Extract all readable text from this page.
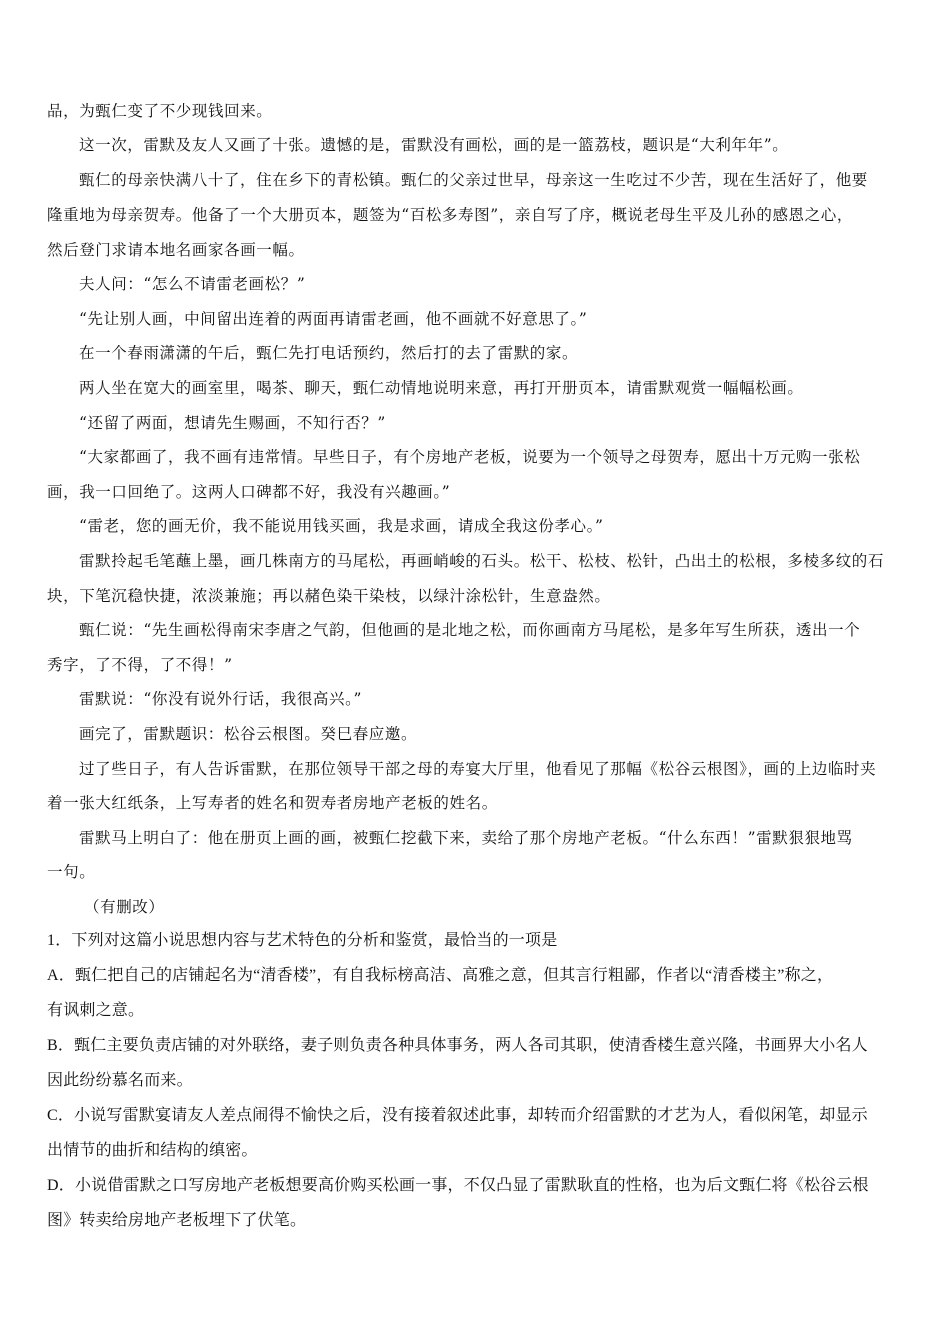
品，为甄仁变了不少现钱回来。
这一次，雷默及友人又画了十张。遗憾的是，雷默没有画松，画的是一篮荔枝，题识是“大利年年”。
甄仁的母亲快满八十了，住在乡下的青松镇。甄仁的父亲过世早，母亲这一生吃过不少苦，现在生活好了，他要
隆重地为母亲贺寿。他备了一个大册页本，题签为“百松多寿图”，亲自写了序，概说老母生平及儿孙的感恩之心，
然后登门求请本地名画家各画一幅。
夫人问：“怎么不请雷老画松？”
“先让别人画，中间留出连着的两面再请雷老画，他不画就不好意思了。”
在一个春雨潇潇的午后，甄仁先打电话预约，然后打的去了雷默的家。
两人坐在宽大的画室里，喝茶、聊天，甄仁动情地说明来意，再打开册页本，请雷默观赏一幅幅松画。
“还留了两面，想请先生赐画，不知行否？”
“大家都画了，我不画有违常情。早些日子，有个房地产老板，说要为一个领导之母贺寿，愿出十万元购一张松
画，我一口回绝了。这两人口碑都不好，我没有兴趣画。”
“雷老，您的画无价，我不能说用钱买画，我是求画，请成全我这份孝心。”
雷默拎起毛笔蘸上墨，画几株南方的马尾松，再画峭峻的石头。松干、松枝、松针，凸出土的松根，多棱多纹的石
块，下笔沉稳快捷，浓淡兼施；再以赭色染干染枝，以绿汁涂松针，生意盎然。
甄仁说：“先生画松得南宋李唐之气韵，但他画的是北地之松，而你画南方马尾松，是多年写生所获，透出一个
秀字，了不得，了不得！”
雷默说：“你没有说外行话，我很高兴。”
画完了，雷默题识：松谷云根图。癸巳春应邀。
过了些日子，有人告诉雷默，在那位领导干部之母的寿宴大厅里，他看见了那幅《松谷云根图》，画的上边临时夹
着一张大红纸条，上写寿者的姓名和贺寿者房地产老板的姓名。
雷默马上明白了：他在册页上画的画，被甄仁挖截下来，卖给了那个房地产老板。“什么东西！”雷默狠狠地骂
一句。
（有删改）
1．下列对这篇小说思想内容与艺术特色的分析和鉴赏，最恰当的一项是
A．甄仁把自己的店铺起名为“清香楼”，有自我标榜高洁、高雅之意，但其言行粗鄙，作者以“清香楼主”称之，
有讽刺之意。
B．甄仁主要负责店铺的对外联络，妻子则负责各种具体事务，两人各司其职，使清香楼生意兴隆，书画界大小名人
因此纷纷慕名而来。
C．小说写雷默宴请友人差点闹得不愉快之后，没有接着叙述此事，却转而介绍雷默的才艺为人，看似闲笔，却显示
出情节的曲折和结构的缜密。
D．小说借雷默之口写房地产老板想要高价购买松画一事，不仅凸显了雷默耿直的性格，也为后文甄仁将《松谷云根
图》转卖给房地产老板埋下了伏笔。
